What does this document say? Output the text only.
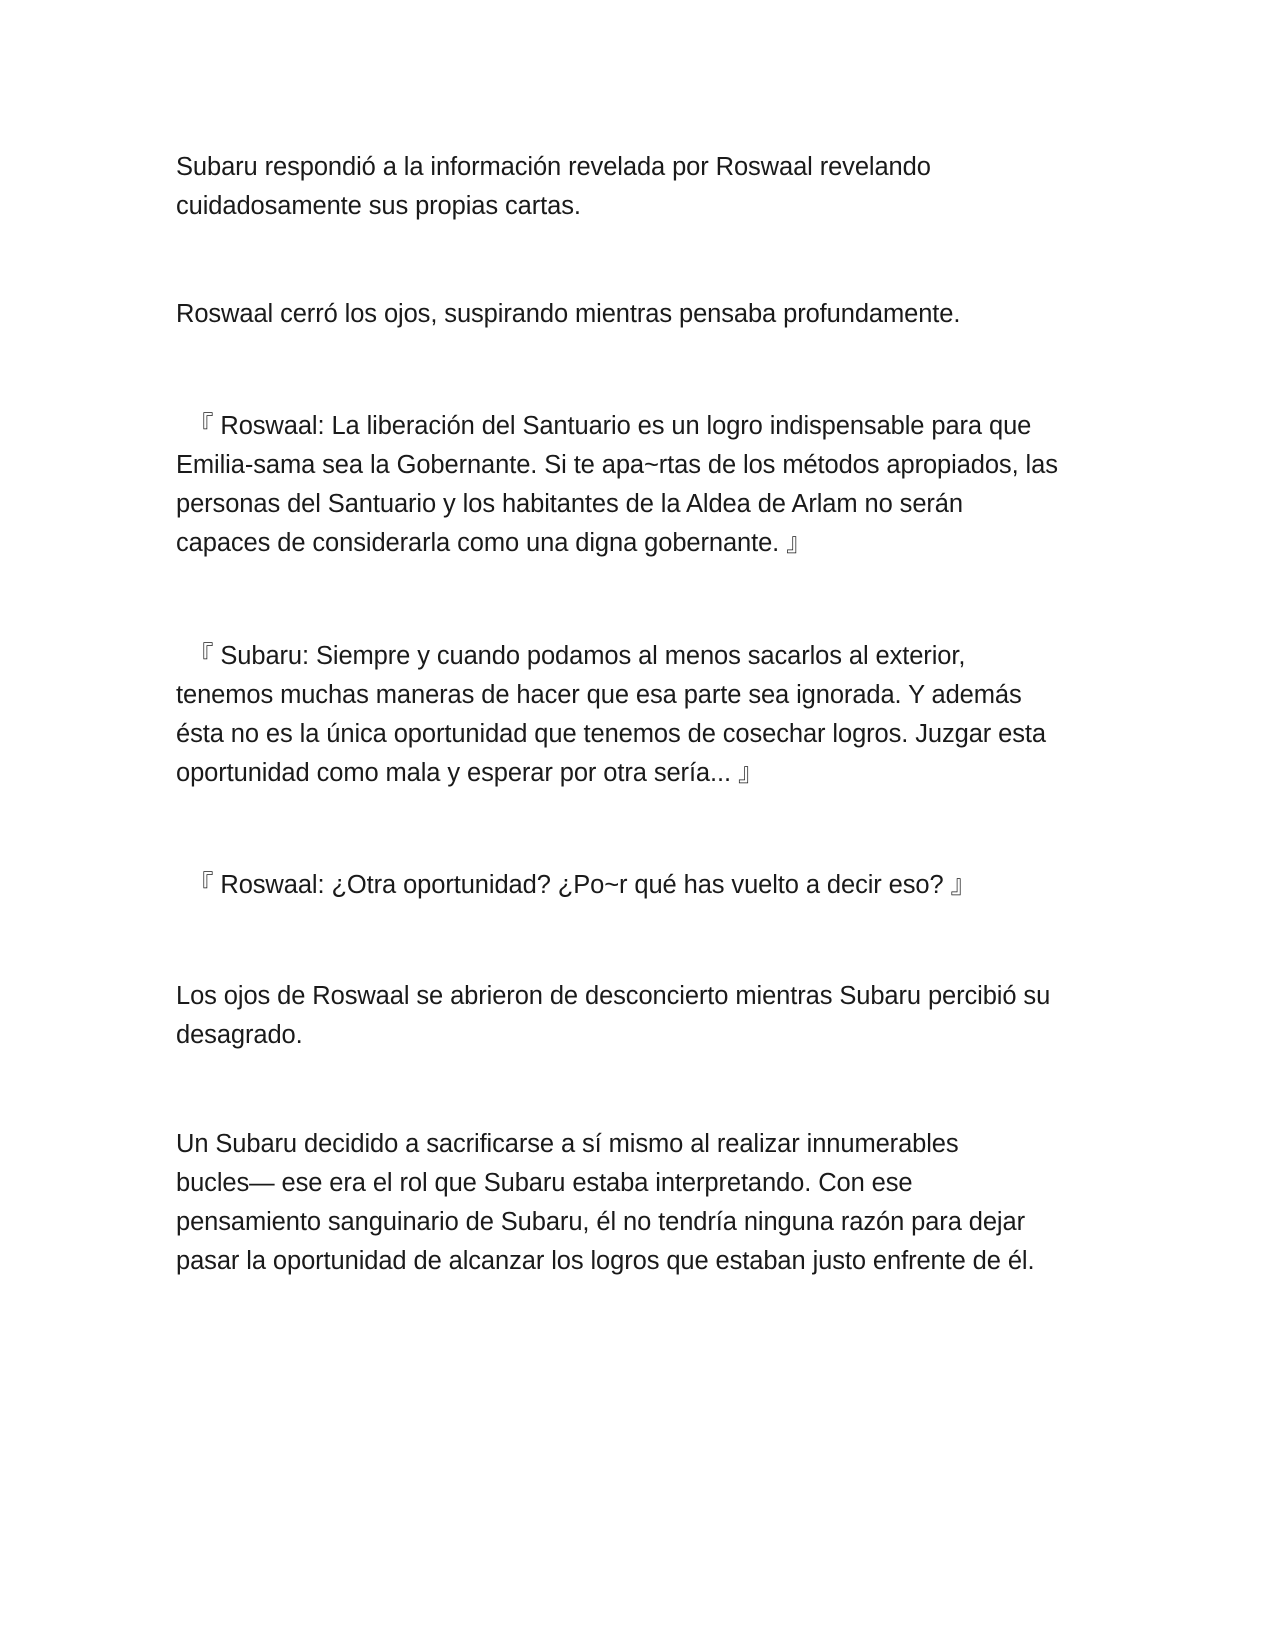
Subaru respondió a la información revelada por Roswaal revelando
cuidadosamente sus propias cartas.

Roswaal cerró los ojos, suspirando mientras pensaba profundamente.

『 Roswaal: La liberación del Santuario es un logro indispensable para que
Emilia-sama sea la Gobernante. Si te apa~rtas de los métodos apropiados, las
personas del Santuario y los habitantes de la Aldea de Arlam no serán
capaces de considerarla como una digna gobernante. 』

『 Subaru: Siempre y cuando podamos al menos sacarlos al exterior,
tenemos muchas maneras de hacer que esa parte sea ignorada. Y además
ésta no es la única oportunidad que tenemos de cosechar logros. Juzgar esta
oportunidad como mala y esperar por otra sería... 』

『 Roswaal: ¿Otra oportunidad? ¿Po~r qué has vuelto a decir eso? 』

Los ojos de Roswaal se abrieron de desconcierto mientras Subaru percibió su
desagrado.

Un Subaru decidido a sacrificarse a sí mismo al realizar innumerables
bucles— ese era el rol que Subaru estaba interpretando. Con ese
pensamiento sanguinario de Subaru, él no tendría ninguna razón para dejar
pasar la oportunidad de alcanzar los logros que estaban justo enfrente de él.
